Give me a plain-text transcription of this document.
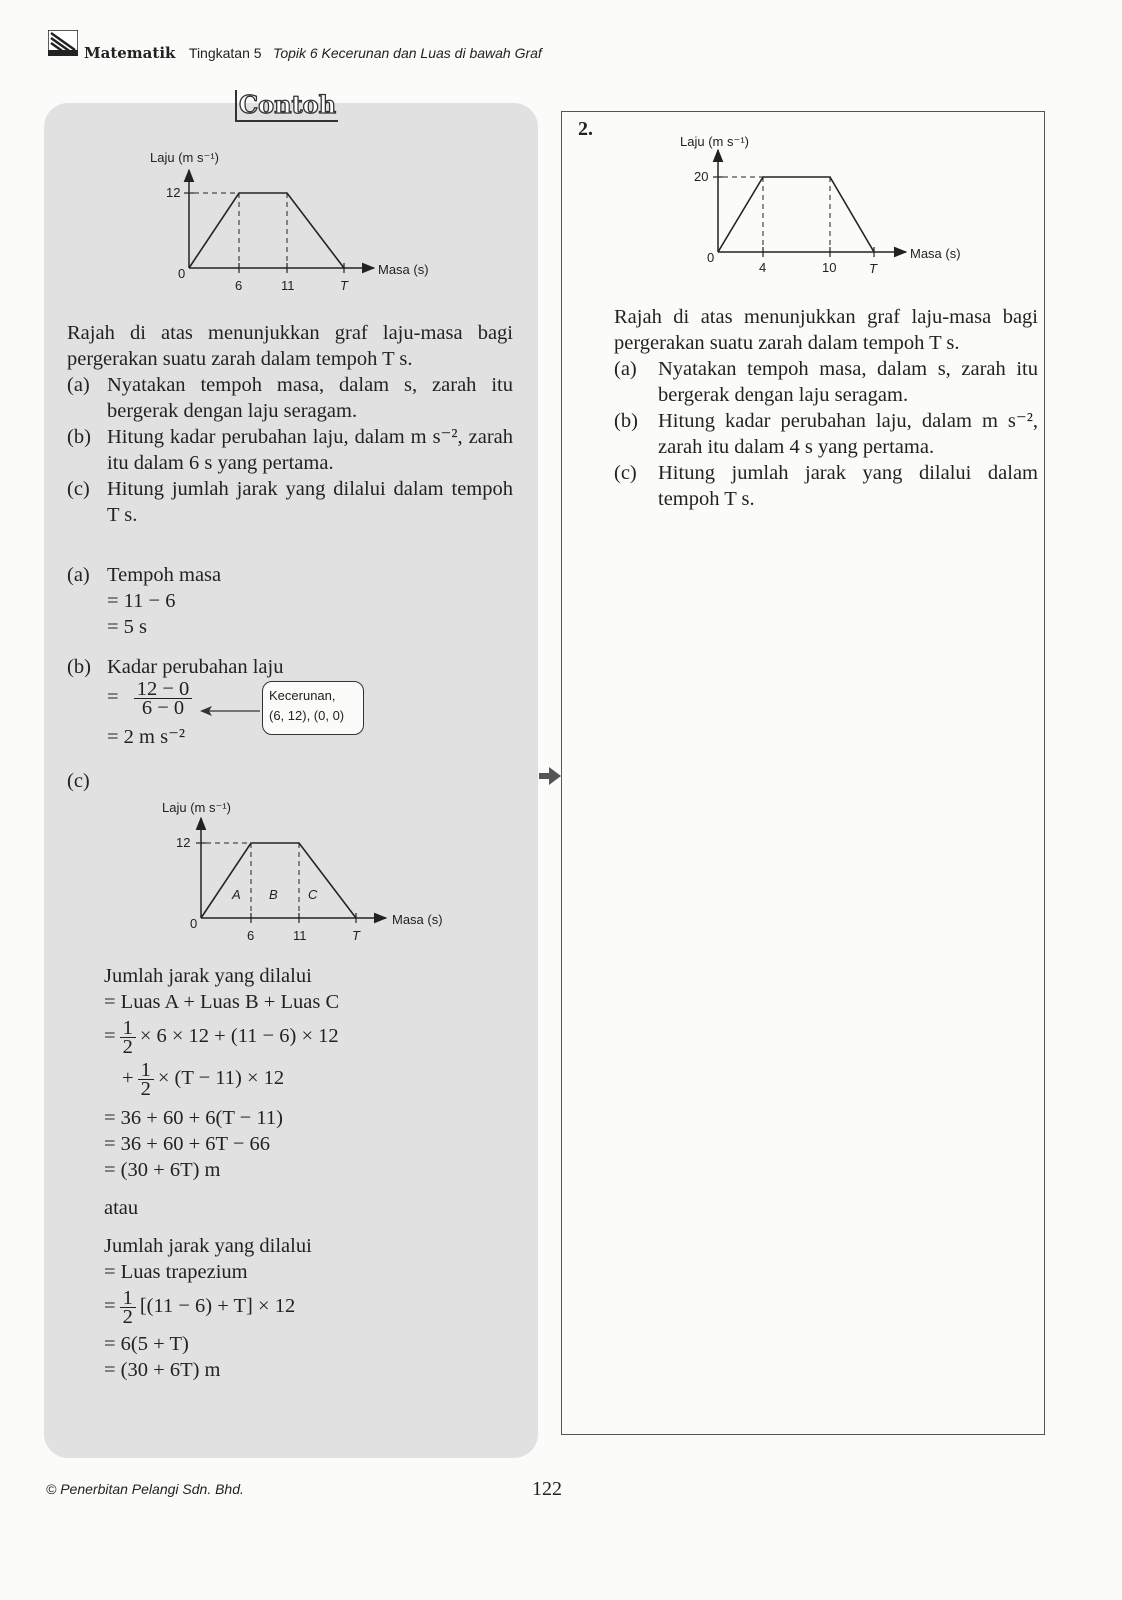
Matematik Tingkatan 5 Topik 6 Kecerunan dan Luas di bawah Graf
Contoh
Laju (m s⁻¹)
Masa (s)
12
0
6	11	T
Rajah di atas menunjukkan graf laju-masa bagi pergerakan suatu zarah dalam tempoh T s.
(a) Nyatakan tempoh masa, dalam s, zarah itu bergerak dengan laju seragam.
(b) Hitung kadar perubahan laju, dalam m s⁻², zarah itu dalam 6 s yang pertama.
(c) Hitung jumlah jarak yang dilalui dalam tempoh T s.
(a) Tempoh masa
= 11 − 6
= 5 s
(b) Kadar perubahan laju
= $\frac{12 - 0}{6 - 0}$
= 2 m s⁻²
Kecerunan,
(6, 12), (0, 0)
(c)
Laju (m s⁻¹)
Masa (s)
12
A B C
0
6	11	T
Jumlah jarak yang dilalui
= Luas A + Luas B + Luas C
= $\frac{1}{2} \times 6 \times 12 + (11 - 6) \times 12$
+ $\frac{1}{2} \times (T - 11) \times 12$
= 36 + 60 + 6(T − 11)
= 36 + 60 + 6T − 66
= (30 + 6T) m
atau
Jumlah jarak yang dilalui
= Luas trapezium
= $\frac{1}{2} [(11 - 6) + T] \times 12$
= 6(5 + T)
= (30 + 6T) m
2.
Laju (m s⁻¹)
Masa (s)
20
0
4	10	T
Rajah di atas menunjukkan graf laju-masa bagi pergerakan suatu zarah dalam tempoh T s.
(a) Nyatakan tempoh masa, dalam s, zarah itu bergerak dengan laju seragam.
(b) Hitung kadar perubahan laju, dalam m s⁻², zarah itu dalam 4 s yang pertama.
(c) Hitung jumlah jarak yang dilalui dalam tempoh T s.
© Penerbitan Pelangi Sdn. Bhd.	122
